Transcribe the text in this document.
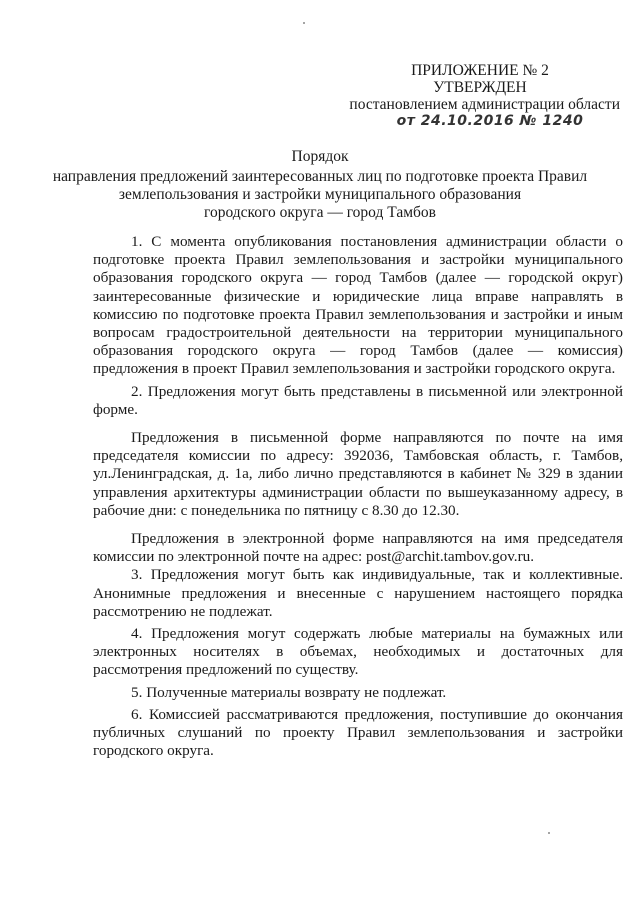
ПРИЛОЖЕНИЕ № 2
УТВЕРЖДЕН
постановлением администрации области
от 24.10.2016 № 1240
Порядок
направления предложений заинтересованных лиц по подготовке проекта Правил
землепользования и застройки муниципального образования
городского округа — город Тамбов

1. С момента опубликования постановления администрации области о подготовке проекта Правил землепользования и застройки муниципального образования городского округа — город Тамбов (далее — городской округ) заинтересованные физические и юридические лица вправе направлять в комиссию по подготовке проекта Правил землепользования и застройки и иным вопросам градостроительной деятельности на территории муниципального образования городского округа — город Тамбов (далее — комиссия) предложения в проект Правил землепользования и застройки городского округа.

2. Предложения могут быть представлены в письменной или электронной форме.

Предложения в письменной форме направляются по почте на имя председателя комиссии по адресу: 392036, Тамбовская область, г. Тамбов, ул.Ленинградская, д. 1а, либо лично представляются в кабинет № 329 в здании управления архитектуры администрации области по вышеуказанному адресу, в рабочие дни: с понедельника по пятницу с 8.30 до 12.30.

Предложения в электронной форме направляются на имя председателя комиссии по электронной почте на адрес: post@archit.tambov.gov.ru.

3. Предложения могут быть как индивидуальные, так и коллективные. Анонимные предложения и внесенные с нарушением настоящего порядка рассмотрению не подлежат.

4. Предложения могут содержать любые материалы на бумажных или электронных носителях в объемах, необходимых и достаточных для рассмотрения предложений по существу.

5. Полученные материалы возврату не подлежат.

6. Комиссией рассматриваются предложения, поступившие до окончания публичных слушаний по проекту Правил землепользования и застройки городского округа.
